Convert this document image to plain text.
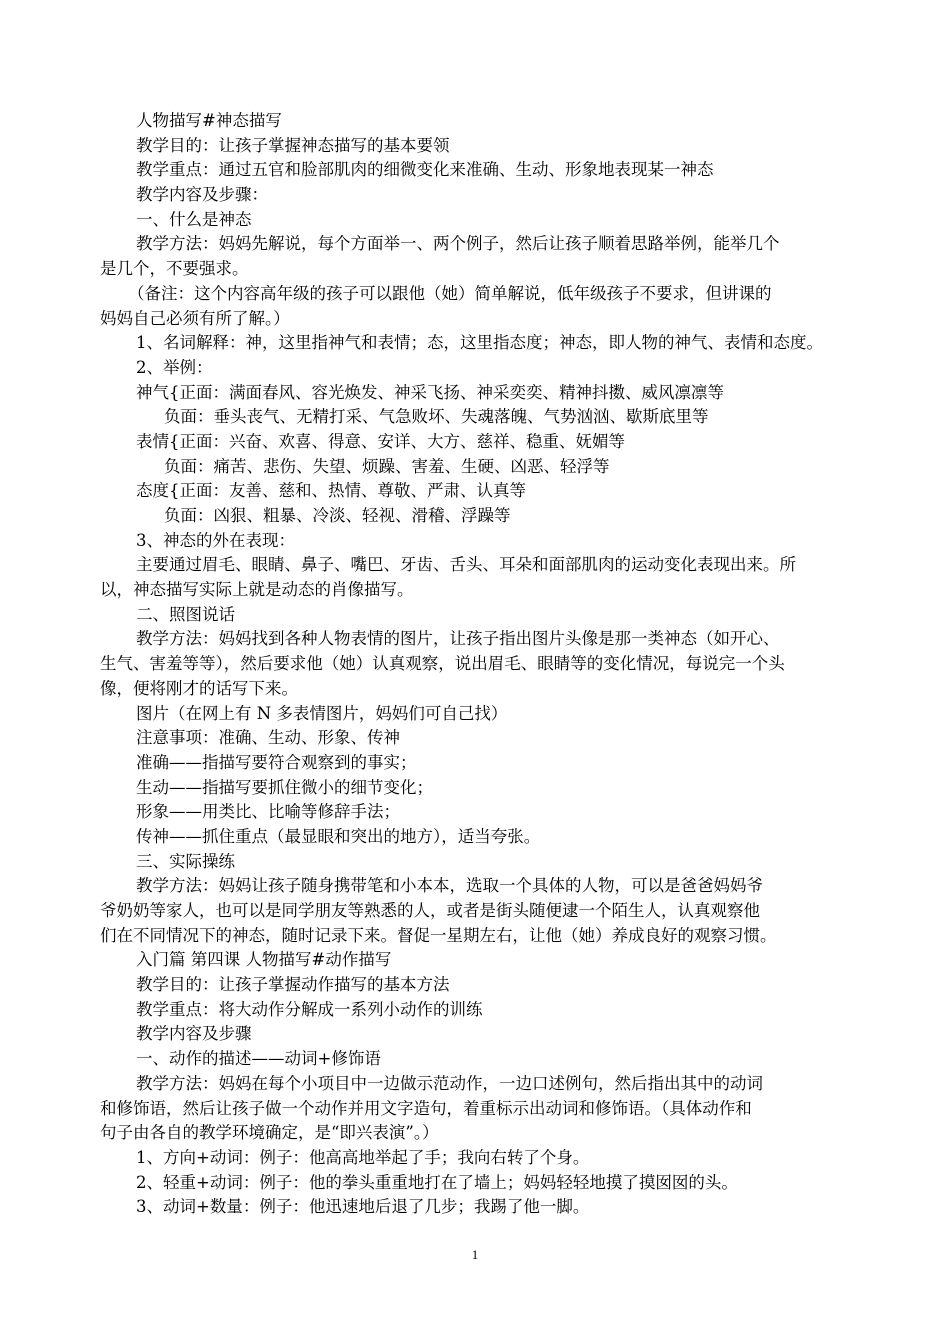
人物描写#神态描写
教学目的：让孩子掌握神态描写的基本要领
教学重点：通过五官和脸部肌肉的细微变化来准确、生动、形象地表现某一神态
教学内容及步骤：
一、什么是神态
教学方法：妈妈先解说，每个方面举一、两个例子，然后让孩子顺着思路举例，能举几个
是几个，不要强求。
（备注：这个内容高年级的孩子可以跟他（她）简单解说，低年级孩子不要求，但讲课的
妈妈自己必须有所了解。）
1、名词解释：神，这里指神气和表情；态，这里指态度；神态，即人物的神气、表情和态度。
2、举例：
神气{正面：满面春风、容光焕发、神采飞扬、神采奕奕、精神抖擞、威风凛凛等
负面：垂头丧气、无精打采、气急败坏、失魂落魄、气势汹汹、歇斯底里等
表情{正面：兴奋、欢喜、得意、安详、大方、慈祥、稳重、妩媚等
负面：痛苦、悲伤、失望、烦躁、害羞、生硬、凶恶、轻浮等
态度{正面：友善、慈和、热情、尊敬、严肃、认真等
负面：凶狠、粗暴、冷淡、轻视、滑稽、浮躁等
3、神态的外在表现：
主要通过眉毛、眼睛、鼻子、嘴巴、牙齿、舌头、耳朵和面部肌肉的运动变化表现出来。所
以，神态描写实际上就是动态的肖像描写。
二、照图说话
教学方法：妈妈找到各种人物表情的图片，让孩子指出图片头像是那一类神态（如开心、
生气、害羞等等），然后要求他（她）认真观察，说出眉毛、眼睛等的变化情况，每说完一个头
像，便将刚才的话写下来。
图片（在网上有 N 多表情图片，妈妈们可自己找）
注意事项：准确、生动、形象、传神
准确——指描写要符合观察到的事实；
生动——指描写要抓住微小的细节变化；
形象——用类比、比喻等修辞手法；
传神——抓住重点（最显眼和突出的地方），适当夸张。
三、实际操练
教学方法：妈妈让孩子随身携带笔和小本本，选取一个具体的人物，可以是爸爸妈妈爷
爷奶奶等家人，也可以是同学朋友等熟悉的人，或者是街头随便逮一个陌生人，认真观察他
们在不同情况下的神态，随时记录下来。督促一星期左右，让他（她）养成良好的观察习惯。
入门篇 第四课 人物描写#动作描写
教学目的：让孩子掌握动作描写的基本方法
教学重点：将大动作分解成一系列小动作的训练
教学内容及步骤
一、动作的描述——动词+修饰语
教学方法：妈妈在每个小项目中一边做示范动作，一边口述例句，然后指出其中的动词
和修饰语，然后让孩子做一个动作并用文字造句，着重标示出动词和修饰语。（具体动作和
句子由各自的教学环境确定，是“即兴表演”。）
1、方向+动词：例子：他高高地举起了手；我向右转了个身。
2、轻重+动词：例子：他的拳头重重地打在了墙上；妈妈轻轻地摸了摸囡囡的头。
3、动词+数量：例子：他迅速地后退了几步；我踢了他一脚。
1
